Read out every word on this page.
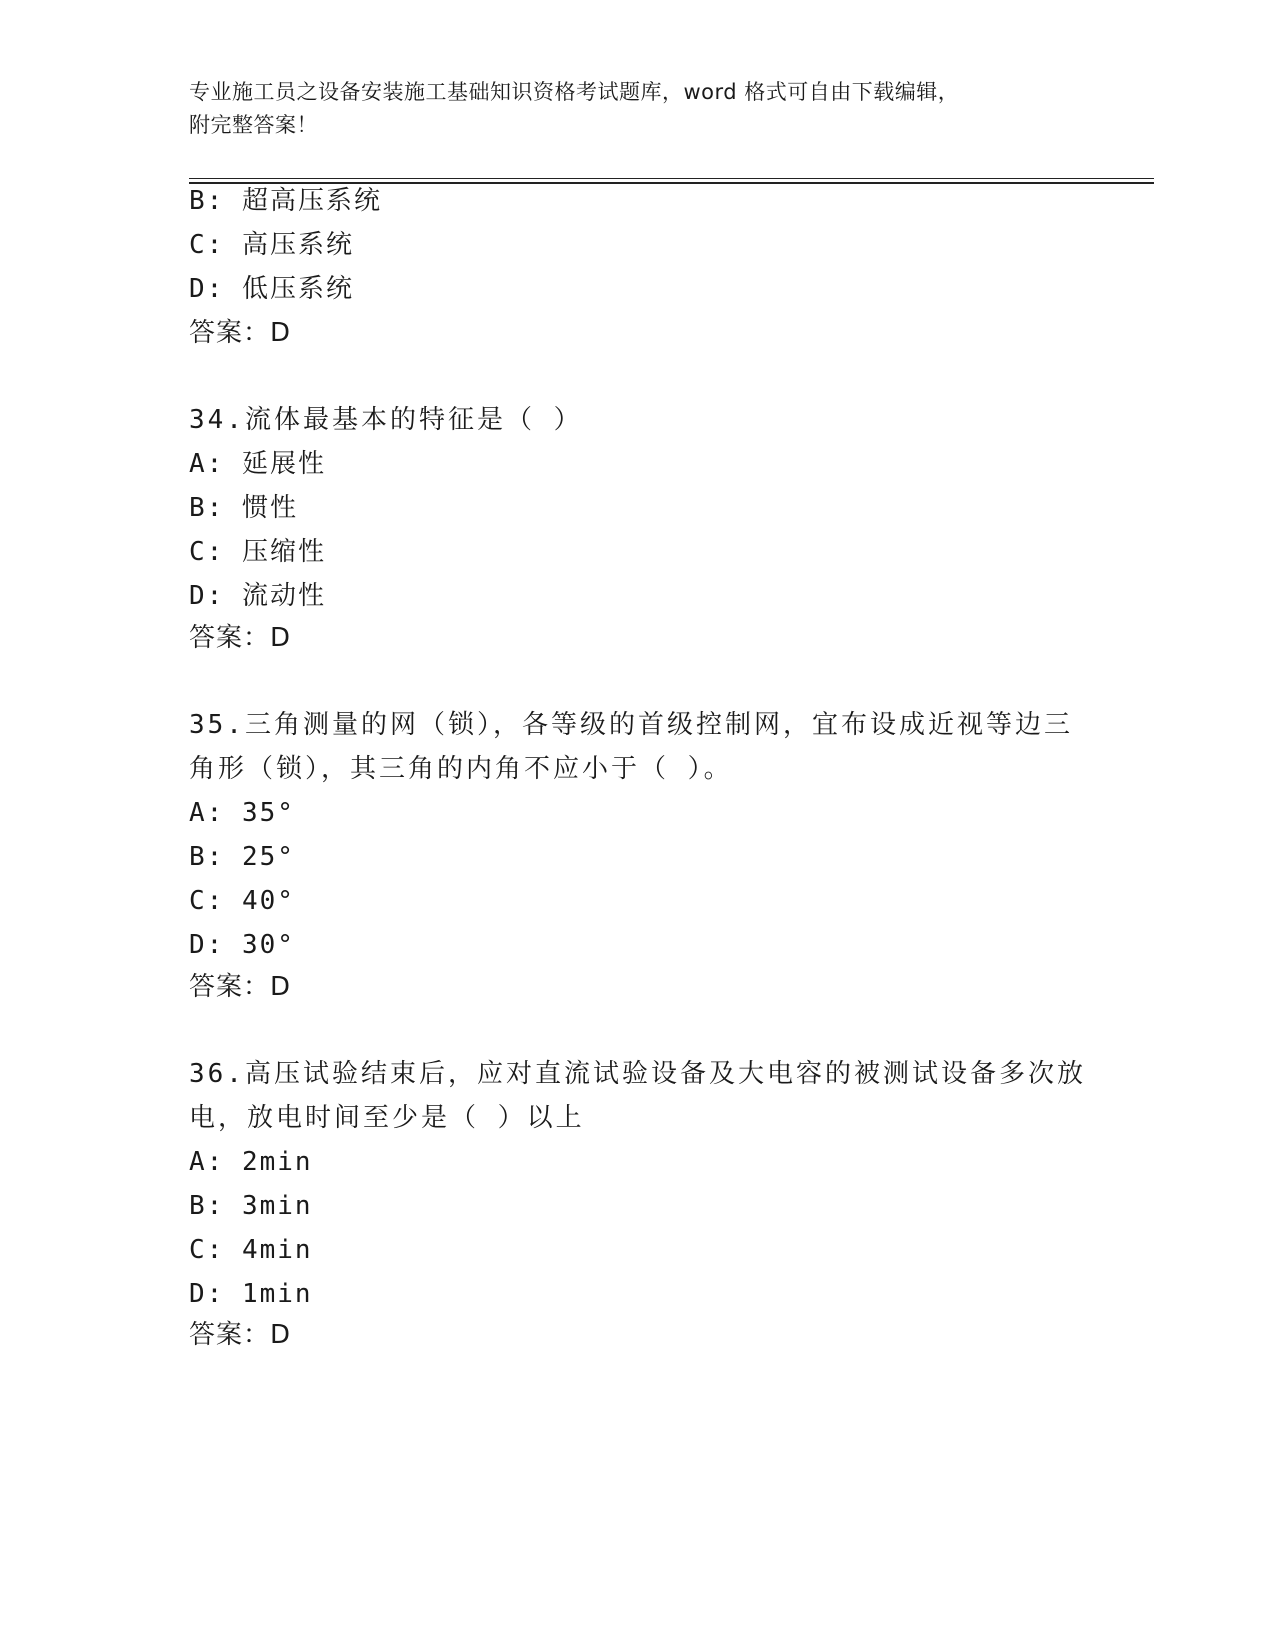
专业施工员之设备安装施工基础知识资格考试题库，word 格式可自由下载编辑，
附完整答案！
B: 超高压系统
C: 高压系统
D: 低压系统
答案：D
34.流体最基本的特征是（ ）
A: 延展性
B: 惯性
C: 压缩性
D: 流动性
答案：D
35.三角测量的网（锁），各等级的首级控制网，宜布设成近视等边三
角形（锁），其三角的内角不应小于（ ）。
A: 35°
B: 25°
C: 40°
D: 30°
答案：D
36.高压试验结束后，应对直流试验设备及大电容的被测试设备多次放
电，放电时间至少是（ ）以上
A: 2min
B: 3min
C: 4min
D: 1min
答案：D
